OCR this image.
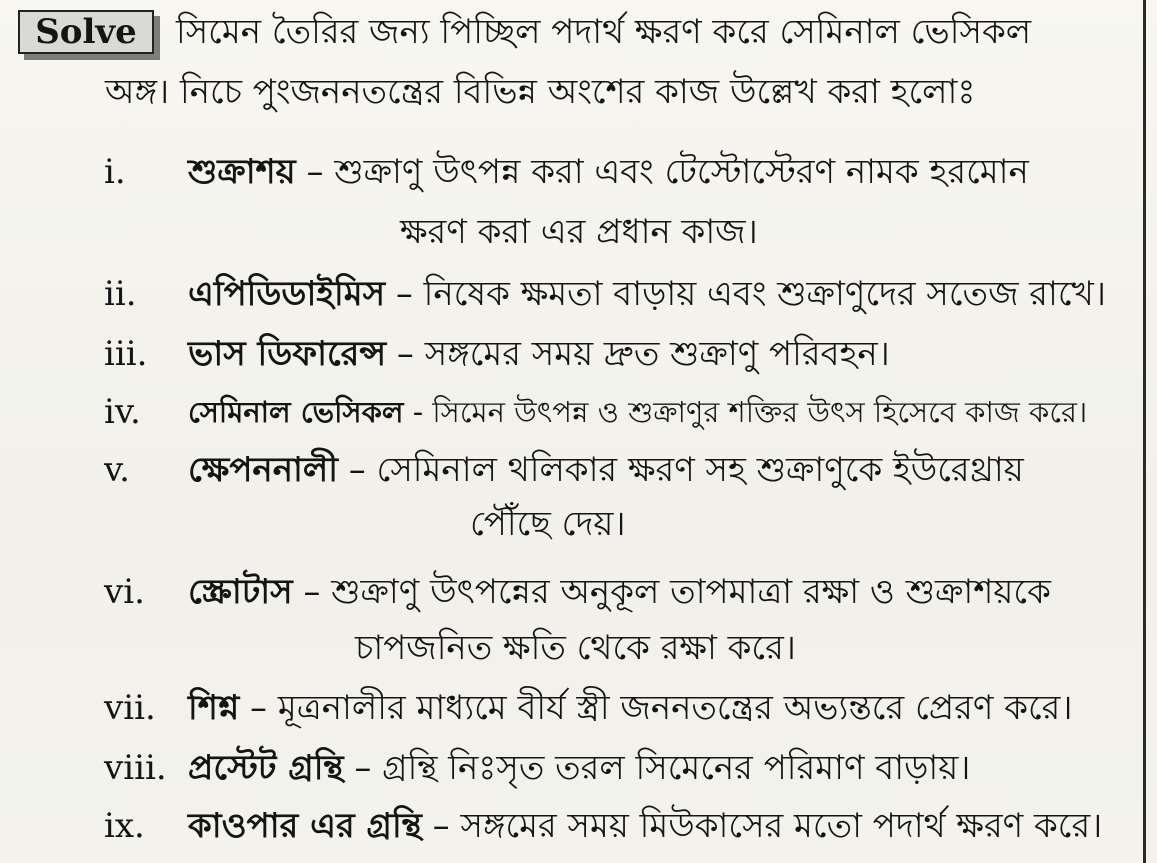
Solve	সিমেন তৈরির জন্য পিচ্ছিল পদার্থ ক্ষরণ করে সেমিনাল ভেসিকল
অঙ্গ। নিচে পুংজননতন্ত্রের বিভিন্ন অংশের কাজ উল্লেখ করা হলোঃ
i. শুক্রাশয় – শুক্রাণু উৎপন্ন করা এবং টেস্টোস্টেরণ নামক হরমোন
ক্ষরণ করা এর প্রধান কাজ।
ii. এপিডিডাইমিস – নিষেক ক্ষমতা বাড়ায় এবং শুক্রাণুদের সতেজ রাখে।
iii. ভাস ডিফারেন্স – সঙ্গমের সময় দ্রুত শুক্রাণু পরিবহন।
iv. সেমিনাল ভেসিকল - সিমেন উৎপন্ন ও শুক্রাণুর শক্তির উৎস হিসেবে কাজ করে।
v. ক্ষেপননালী – সেমিনাল থলিকার ক্ষরণ সহ শুক্রাণুকে ইউরেথ্রায়
পৌঁছে দেয়।
vi. স্ক্রোটাস – শুক্রাণু উৎপন্নের অনুকূল তাপমাত্রা রক্ষা ও শুক্রাশয়কে
চাপজনিত ক্ষতি থেকে রক্ষা করে।
vii. শিশ্ন – মূত্রনালীর মাধ্যমে বীর্য স্ত্রী জননতন্ত্রের অভ্যন্তরে প্রেরণ করে।
viii. প্রস্টেট গ্রন্থি – গ্রন্থি নিঃসৃত তরল সিমেনের পরিমাণ বাড়ায়।
ix. কাওপার এর গ্রন্থি – সঙ্গমের সময় মিউকাসের মতো পদার্থ ক্ষরণ করে।
